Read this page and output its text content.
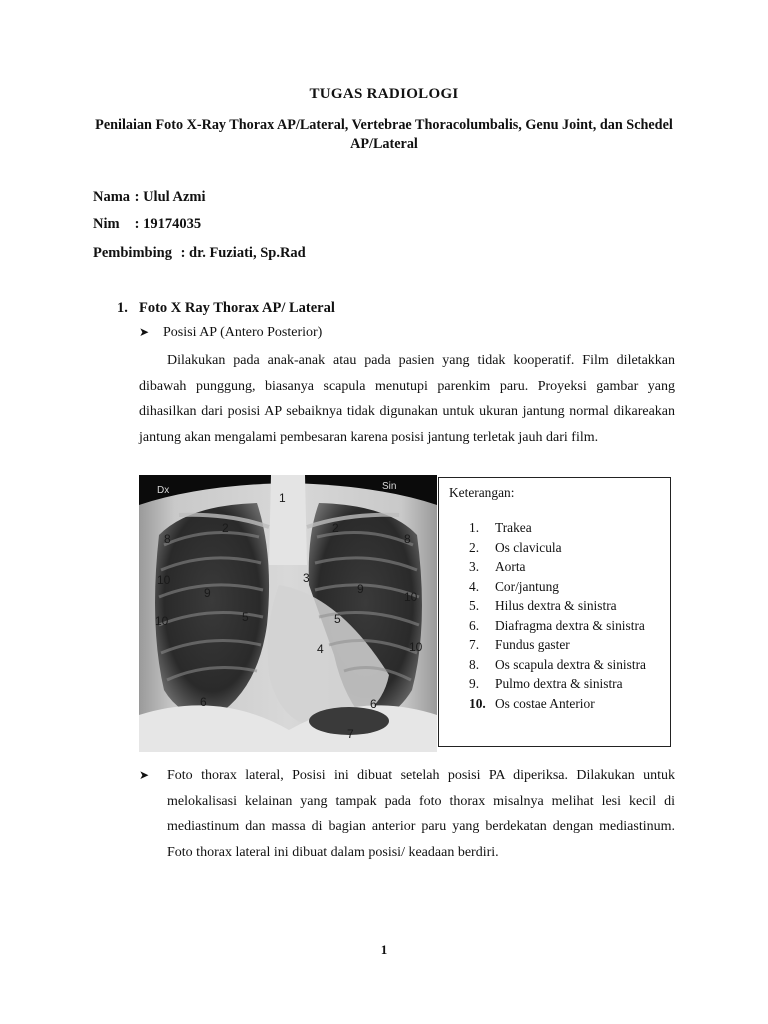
TUGAS RADIOLOGI
Penilaian Foto X-Ray Thorax AP/Lateral, Vertebrae Thoracolumbalis, Genu Joint, dan Schedel AP/Lateral
Nama : Ulul Azmi
Nim : 19174035
Pembimbing : dr. Fuziati, Sp.Rad
1. Foto X Ray Thorax AP/ Lateral
➤ Posisi AP (Antero Posterior)

Dilakukan pada anak-anak atau pada pasien yang tidak kooperatif. Film diletakkan dibawah punggung, biasanya scapula menutupi parenkim paru. Proyeksi gambar yang dihasilkan dari posisi AP sebaiknya tidak digunakan untuk ukuran jantung normal dikareakan jantung akan mengalami pembesaran karena posisi jantung terletak jauh dari film.

Dx	Sin
1
2	2
3
4
5	5
6	6
7
8	8
9	9
10
10
10
10
Keterangan:
1.	Trakea
2.	Os clavicula
3.	Aorta
4.	Cor/jantung
5.	Hilus dextra & sinistra
6.	Diafragma dextra & sinistra
7.	Fundus gaster
8.	Os scapula dextra & sinistra
9.	Pulmo dextra & sinistra
10. Os costae Anterior
➤	Foto thorax lateral, Posisi ini dibuat setelah posisi PA diperiksa. Dilakukan untuk melokalisasi kelainan yang tampak pada foto thorax misalnya melihat lesi kecil di mediastinum dan massa di bagian anterior paru yang berdekatan dengan mediastinum. Foto thorax lateral ini dibuat dalam posisi/ keadaan berdiri.

1
